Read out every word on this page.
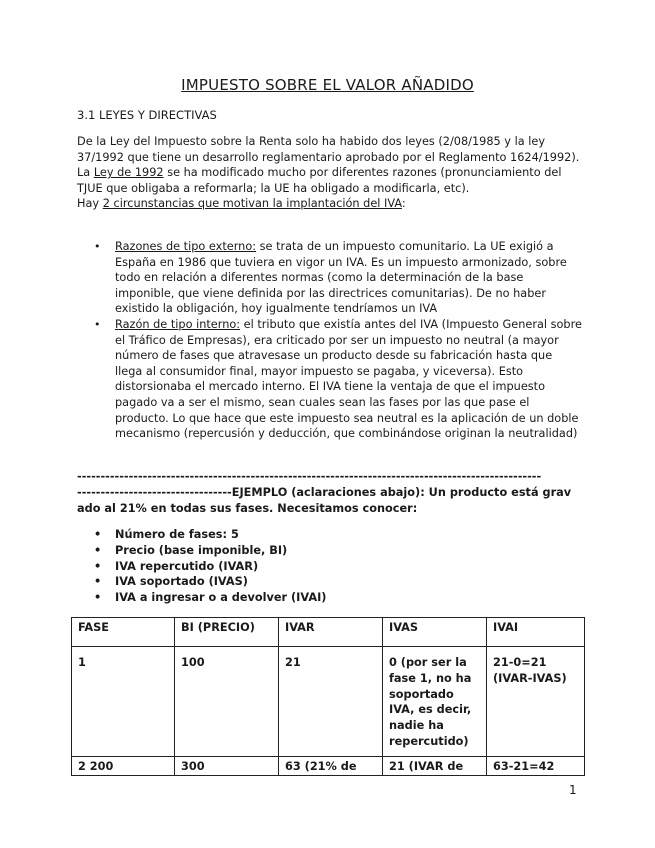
IMPUESTO SOBRE EL VALOR AÑADIDO
3.1 LEYES Y DIRECTIVAS

De la Ley del Impuesto sobre la Renta solo ha habido dos leyes (2/08/1985 y la ley 37/1992 que tiene un desarrollo reglamentario aprobado por el Reglamento 1624/1992).

La Ley de 1992 se ha modificado mucho por diferentes razones (pronunciamiento del TJUE que obligaba a reformarla; la UE ha obligado a modificarla, etc).

Hay 2 circunstancias que motivan la implantación del IVA:

• Razones de tipo externo: se trata de un impuesto comunitario. La UE exigió a España en 1986 que tuviera en vigor un IVA. Es un impuesto armonizado, sobre todo en relación a diferentes normas (como la determinación de la base imponible, que viene definida por las directrices comunitarias). De no haber existido la obligación, hoy igualmente tendríamos un IVA
• Razón de tipo interno: el tributo que existía antes del IVA (Impuesto General sobre el Tráfico de Empresas), era criticado por ser un impuesto no neutral (a mayor número de fases que atravesase un producto desde su fabricación hasta que llega al consumidor final, mayor impuesto se pagaba, y viceversa). Esto distorsionaba el mercado interno. El IVA tiene la ventaja de que el impuesto pagado va a ser el mismo, sean cuales sean las fases por las que pase el producto. Lo que hace que este impuesto sea neutral es la aplicación de un doble mecanismo (repercusión y deducción, que combinándose originan la neutralidad)
---------------------------------------------------------------------------------------------------
---------------------------------EJEMPLO (aclaraciones abajo): Un producto está gravado al 21% en todas sus fases. Necesitamos conocer:
• Número de fases: 5
• Precio (base imponible, BI)
• IVA repercutido (IVAR)
• IVA soportado (IVAS)
• IVA a ingresar o a devolver (IVAI)
FASE	BI (PRECIO)	IVAR	IVAS	IVAI
1	100	21	0 (por ser la fase 1, no ha soportado IVA, es decir, nadie ha repercutido)	21-0=21 (IVAR-IVAS)
2 200	300	63 (21% de	21 (IVAR de	63-21=42
1
